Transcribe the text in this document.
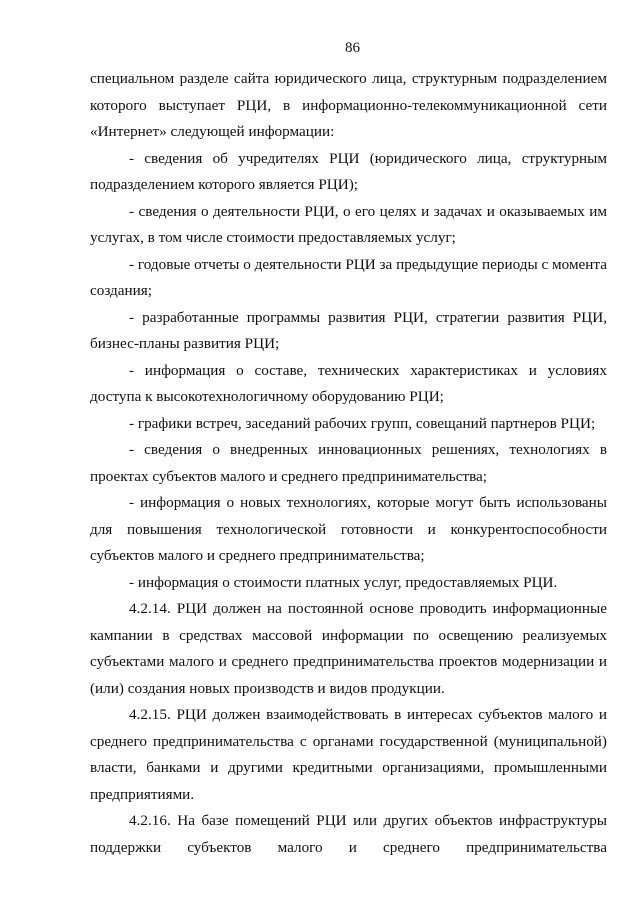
86

специальном разделе сайта юридического лица, структурным подразделением которого выступает РЦИ, в информационно-телекоммуникационной сети «Интернет» следующей информации:

- сведения об учредителях РЦИ (юридического лица, структурным подразделением которого является РЦИ);

- сведения о деятельности РЦИ, о его целях и задачах и оказываемых им услугах, в том числе стоимости предоставляемых услуг;

- годовые отчеты о деятельности РЦИ за предыдущие периоды с момента создания;

- разработанные программы развития РЦИ, стратегии развития РЦИ, бизнес-планы развития РЦИ;

- информация о составе, технических характеристиках и условиях доступа к высокотехнологичному оборудованию РЦИ;

- графики встреч, заседаний рабочих групп, совещаний партнеров РЦИ;

- сведения о внедренных инновационных решениях, технологиях в проектах субъектов малого и среднего предпринимательства;

- информация о новых технологиях, которые могут быть использованы для повышения технологической готовности и конкурентоспособности субъектов малого и среднего предпринимательства;

- информация о стоимости платных услуг, предоставляемых РЦИ.

4.2.14. РЦИ должен на постоянной основе проводить информационные кампании в средствах массовой информации по освещению реализуемых субъектами малого и среднего предпринимательства проектов модернизации и (или) создания новых производств и видов продукции.

4.2.15. РЦИ должен взаимодействовать в интересах субъектов малого и среднего предпринимательства с органами государственной (муниципальной) власти, банками и другими кредитными организациями, промышленными предприятиями.

4.2.16. На базе помещений РЦИ или других объектов инфраструктуры поддержки субъектов малого и среднего предпринимательства
